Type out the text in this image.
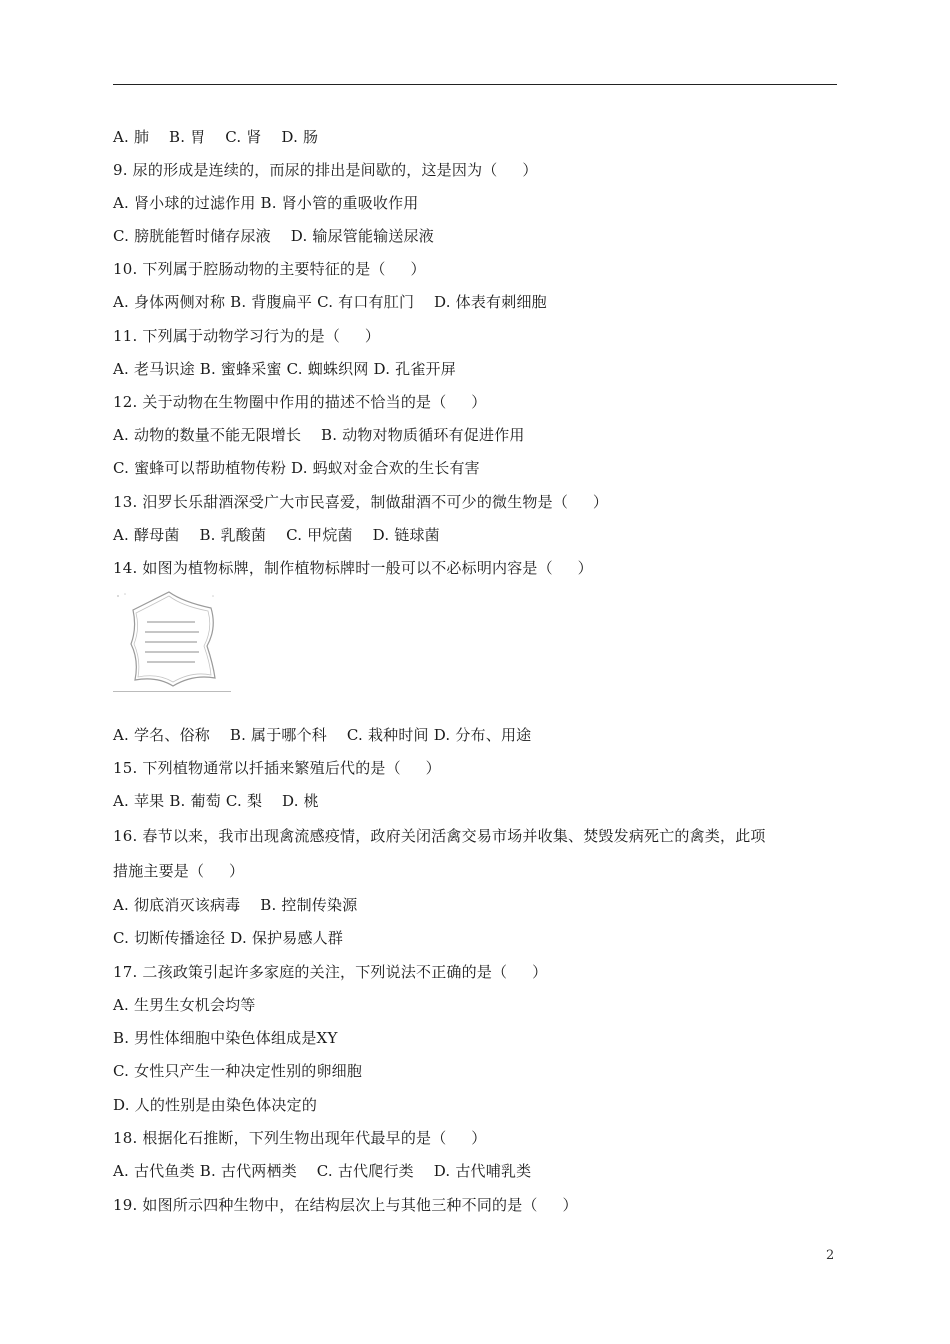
A. 肺    B. 胃    C. 肾    D. 肠
9. 尿的形成是连续的，而尿的排出是间歇的，这是因为（     ）
A. 肾小球的过滤作用 B. 肾小管的重吸收作用
C. 膀胱能暂时储存尿液    D. 输尿管能输送尿液
10. 下列属于腔肠动物的主要特征的是（     ）
A. 身体两侧对称 B. 背腹扁平 C. 有口有肛门    D. 体表有刺细胞
11. 下列属于动物学习行为的是（     ）
A. 老马识途 B. 蜜蜂采蜜 C. 蜘蛛织网 D. 孔雀开屏
12. 关于动物在生物圈中作用的描述不恰当的是（     ）
A. 动物的数量不能无限增长    B. 动物对物质循环有促进作用
C. 蜜蜂可以帮助植物传粉 D. 蚂蚁对金合欢的生长有害
13. 汨罗长乐甜酒深受广大市民喜爱，制做甜酒不可少的微生物是（     ）
A. 酵母菌    B. 乳酸菌    C. 甲烷菌    D. 链球菌
14. 如图为植物标牌，制作植物标牌时一般可以不必标明内容是（     ）
A. 学名、俗称    B. 属于哪个科    C. 栽种时间 D. 分布、用途
15. 下列植物通常以扦插来繁殖后代的是（     ）
A. 苹果 B. 葡萄 C. 梨    D. 桃
16. 春节以来，我市出现禽流感疫情，政府关闭活禽交易市场并收集、焚毁发病死亡的禽类，此项
措施主要是（     ）
A. 彻底消灭该病毒    B. 控制传染源
C. 切断传播途径 D. 保护易感人群
17. 二孩政策引起许多家庭的关注，下列说法不正确的是（     ）
A. 生男生女机会均等
B. 男性体细胞中染色体组成是XY
C. 女性只产生一种决定性别的卵细胞
D. 人的性别是由染色体决定的
18. 根据化石推断，下列生物出现年代最早的是（     ）
A. 古代鱼类 B. 古代两栖类    C. 古代爬行类    D. 古代哺乳类
19. 如图所示四种生物中，在结构层次上与其他三种不同的是（     ）
2
